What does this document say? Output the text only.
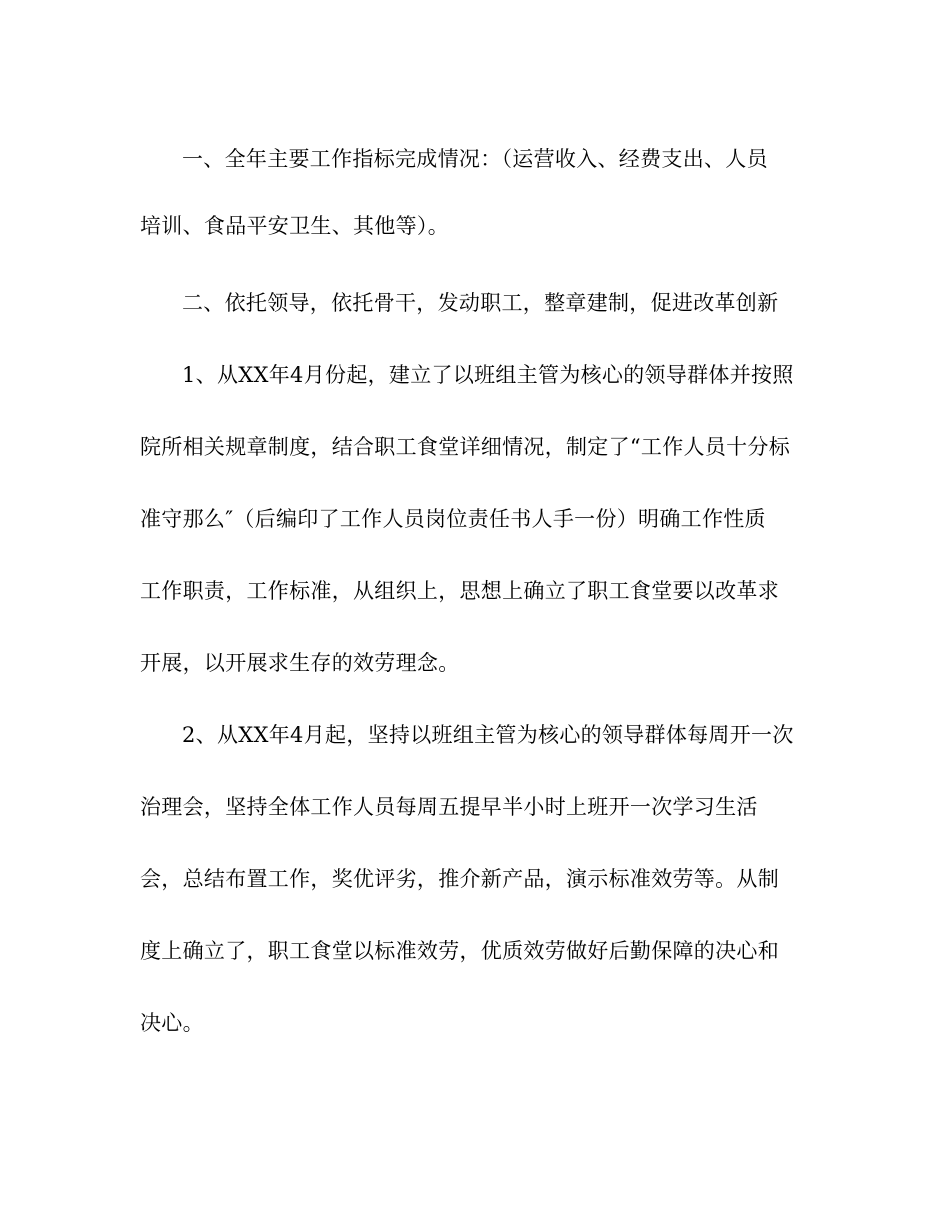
一、全年主要工作指标完成情况：（运营收入、经费支出、人员
培训、食品平安卫生、其他等）。
二、依托领导，依托骨干，发动职工，整章建制，促进改革创新
1、从XX年4月份起，建立了以班组主管为核心的领导群体并按照
院所相关规章制度，结合职工食堂详细情况，制定了“工作人员十分标
准守那么″（后编印了工作人员岗位责任书人手一份）明确工作性质
工作职责，工作标准，从组织上，思想上确立了职工食堂要以改革求
开展，以开展求生存的效劳理念。
2、从XX年4月起，坚持以班组主管为核心的领导群体每周开一次
治理会，坚持全体工作人员每周五提早半小时上班开一次学习生活
会，总结布置工作，奖优评劣，推介新产品，演示标准效劳等。从制
度上确立了，职工食堂以标准效劳，优质效劳做好后勤保障的决心和
决心。
